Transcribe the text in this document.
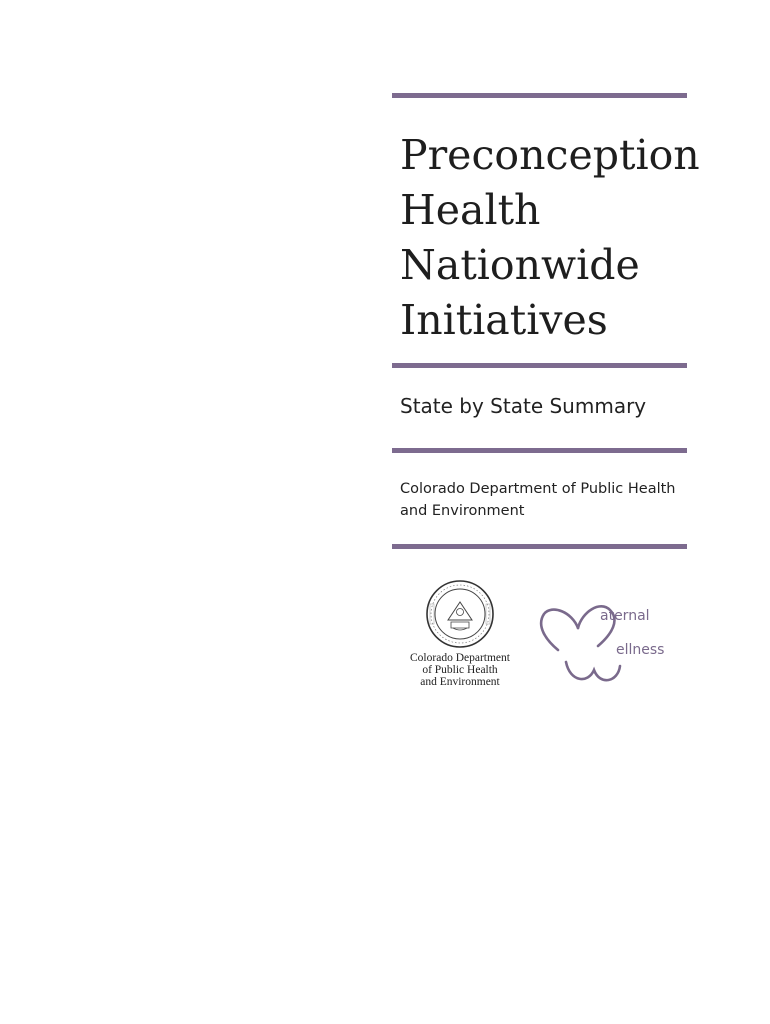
Preconception
Health
Nationwide
Initiatives
State by State Summary
Colorado Department of Public Health
and Environment
Colorado Department
of Public Health
and Environment
aternal
ellness
